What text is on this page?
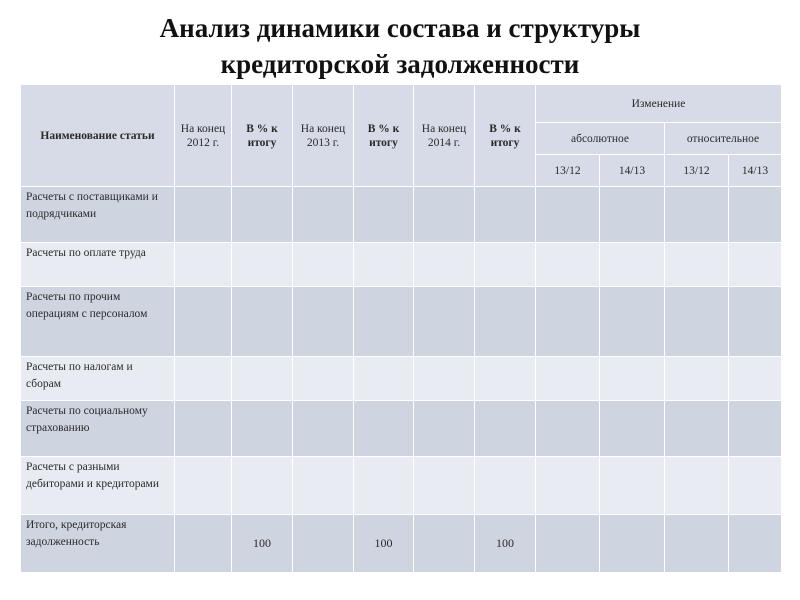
Анализ динамики состава и структуры
кредиторской задолженности
Наименование статьи	На конец 2012 г.	В % к итогу	На конец 2013 г.	В % к итогу	На конец 2014 г.	В % к итогу	Изменение			
							абсолютное		относительное	
							13/12	14/13	13/12	14/13
Расчеты с поставщиками и подрядчиками										
Расчеты по оплате труда										
Расчеты по прочим операциям с персоналом										
Расчеты по налогам и сборам										
Расчеты по социальному страхованию										
Расчеты с разными дебиторами и кредиторами										
Итого, кредиторская задолженность		100		100		100				
